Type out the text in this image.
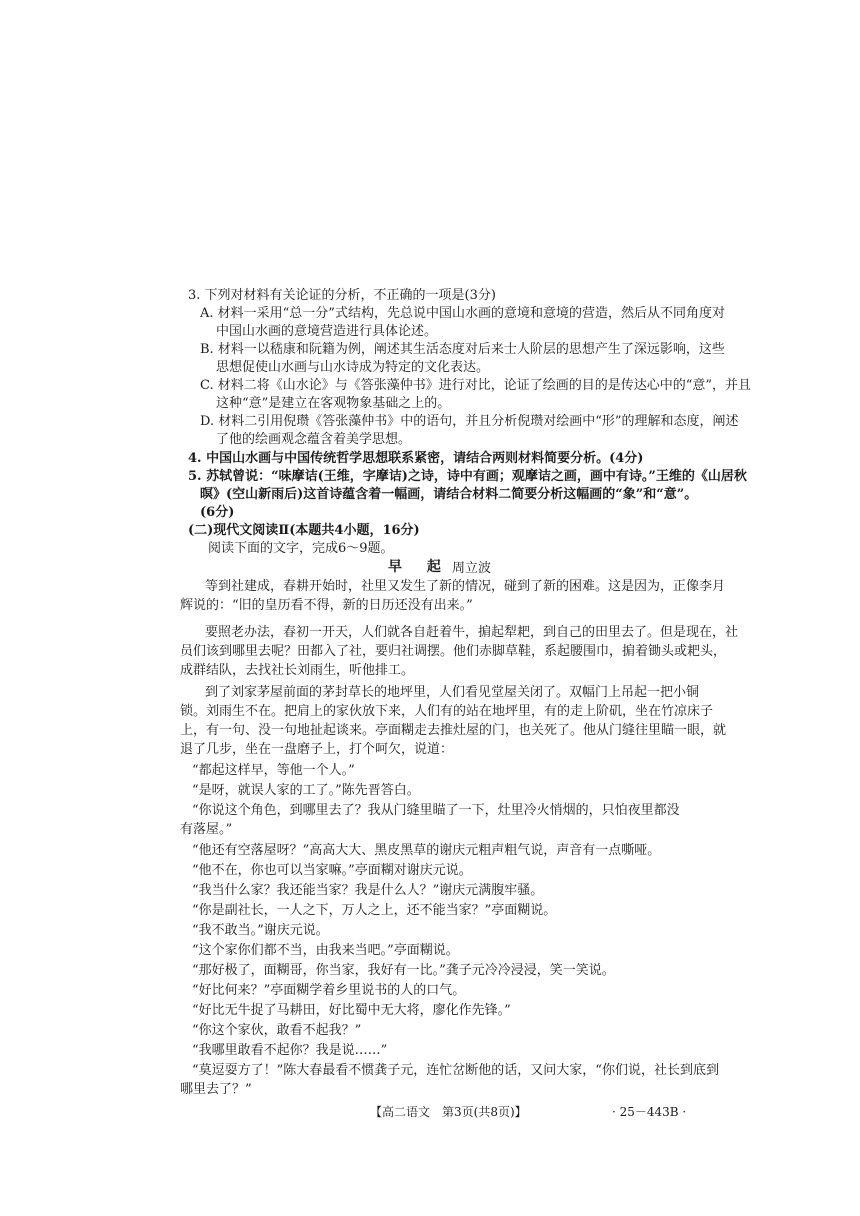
3. 下列对材料有关论证的分析，不正确的一项是(3分)
A. 材料一采用“总一分”式结构，先总说中国山水画的意境和意境的营造，然后从不同角度对
中国山水画的意境营造进行具体论述。
B. 材料一以嵇康和阮籍为例，阐述其生活态度对后来士人阶层的思想产生了深远影响，这些
思想促使山水画与山水诗成为特定的文化表达。
C. 材料二将《山水论》与《答张藻仲书》进行对比，论证了绘画的目的是传达心中的“意”，并且
这种“意”是建立在客观物象基础之上的。
D. 材料二引用倪瓒《答张藻仲书》中的语句，并且分析倪瓒对绘画中“形”的理解和态度，阐述
了他的绘画观念蕴含着美学思想。
4. 中国山水画与中国传统哲学思想联系紧密，请结合两则材料简要分析。(4分)
5. 苏轼曾说：“味摩诘(王维，字摩诘)之诗，诗中有画；观摩诘之画，画中有诗。”王维的《山居秋
暝》(空山新雨后)这首诗蕴含着一幅画，请结合材料二简要分析这幅画的“象”和“意”。
(6分)
(二)现代文阅读Ⅱ(本题共4小题，16分)
阅读下面的文字，完成6～9题。
早 起 周立波
等到社建成，春耕开始时，社里又发生了新的情况，碰到了新的困难。这是因为，正像李月
辉说的：“旧的皇历看不得，新的日历还没有出来。”
要照老办法，春初一开天，人们就各自赶着牛，掮起犁耙，到自己的田里去了。但是现在，社
员们该到哪里去呢？田都入了社，要归社调摆。他们赤脚草鞋，系起腰围巾，掮着锄头或耙头，
成群结队，去找社长刘雨生，听他排工。
到了刘家茅屋前面的茅封草长的地坪里，人们看见堂屋关闭了。双幅门上吊起一把小铜
锁。刘雨生不在。把肩上的家伙放下来，人们有的站在地坪里，有的走上阶矶，坐在竹凉床子
上，有一句、没一句地扯起谈来。亭面糊走去推灶屋的门，也关死了。他从门缝往里瞄一眼，就
退了几步，坐在一盘磨子上，打个呵欠，说道：
“都起这样早，等他一个人。”
“是呀，就误人家的工了。”陈先晋答白。
“你说这个角色，到哪里去了？我从门缝里瞄了一下，灶里冷火悄烟的，只怕夜里都没
有落屋。”
“他还有空落屋呀？”高高大大、黑皮黑草的谢庆元粗声粗气说，声音有一点嘶哑。
“他不在，你也可以当家嘛。”亭面糊对谢庆元说。
“我当什么家？我还能当家？我是什么人？”谢庆元满腹牢骚。
“你是副社长，一人之下，万人之上，还不能当家？”亭面糊说。
“我不敢当。”谢庆元说。
“这个家你们都不当，由我来当吧。”亭面糊说。
“那好极了，面糊哥，你当家，我好有一比。”龚子元冷冷浸浸，笑一笑说。
“好比何来？”亭面糊学着乡里说书的人的口气。
“好比无牛捉了马耕田，好比蜀中无大将，廖化作先锋。”
“你这个家伙，敢看不起我？”
“我哪里敢看不起你？我是说……”
“莫逗耍方了！”陈大春最看不惯龚子元，连忙岔断他的话，又问大家，“你们说，社长到底到
哪里去了？”
【高二语文　第3页(共8页)】	· 25－443B ·
